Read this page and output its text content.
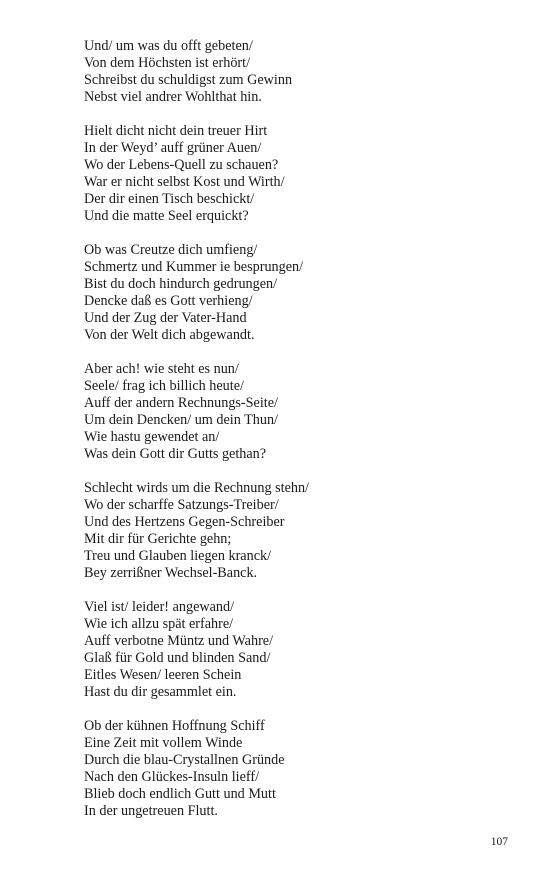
Und/ um was du offt gebeten/
Von dem Höchsten ist erhört/
Schreibst du schuldigst zum Gewinn
Nebst viel andrer Wohlthat hin.
Hielt dicht nicht dein treuer Hirt
In der Weyd’ auff grüner Auen/
Wo der Lebens-Quell zu schauen?
War er nicht selbst Kost und Wirth/
Der dir einen Tisch beschickt/
Und die matte Seel erquickt?
Ob was Creutze dich umfieng/
Schmertz und Kummer ie besprungen/
Bist du doch hindurch gedrungen/
Dencke daß es Gott verhieng/
Und der Zug der Vater-Hand
Von der Welt dich abgewandt.
Aber ach! wie steht es nun/
Seele/ frag ich billich heute/
Auff der andern Rechnungs-Seite/
Um dein Dencken/ um dein Thun/
Wie hastu gewendet an/
Was dein Gott dir Gutts gethan?
Schlecht wirds um die Rechnung stehn/
Wo der scharffe Satzungs-Treiber/
Und des Hertzens Gegen-Schreiber
Mit dir für Gerichte gehn;
Treu und Glauben liegen kranck/
Bey zerrißner Wechsel-Banck.
Viel ist/ leider! angewand/
Wie ich allzu spät erfahre/
Auff verbotne Müntz und Wahre/
Glaß für Gold und blinden Sand/
Eitles Wesen/ leeren Schein
Hast du dir gesammlet ein.
Ob der kühnen Hoffnung Schiff
Eine Zeit mit vollem Winde
Durch die blau-Crystallnen Gründe
Nach den Glückes-Insuln lieff/
Blieb doch endlich Gutt und Mutt
In der ungetreuen Flutt.
107
